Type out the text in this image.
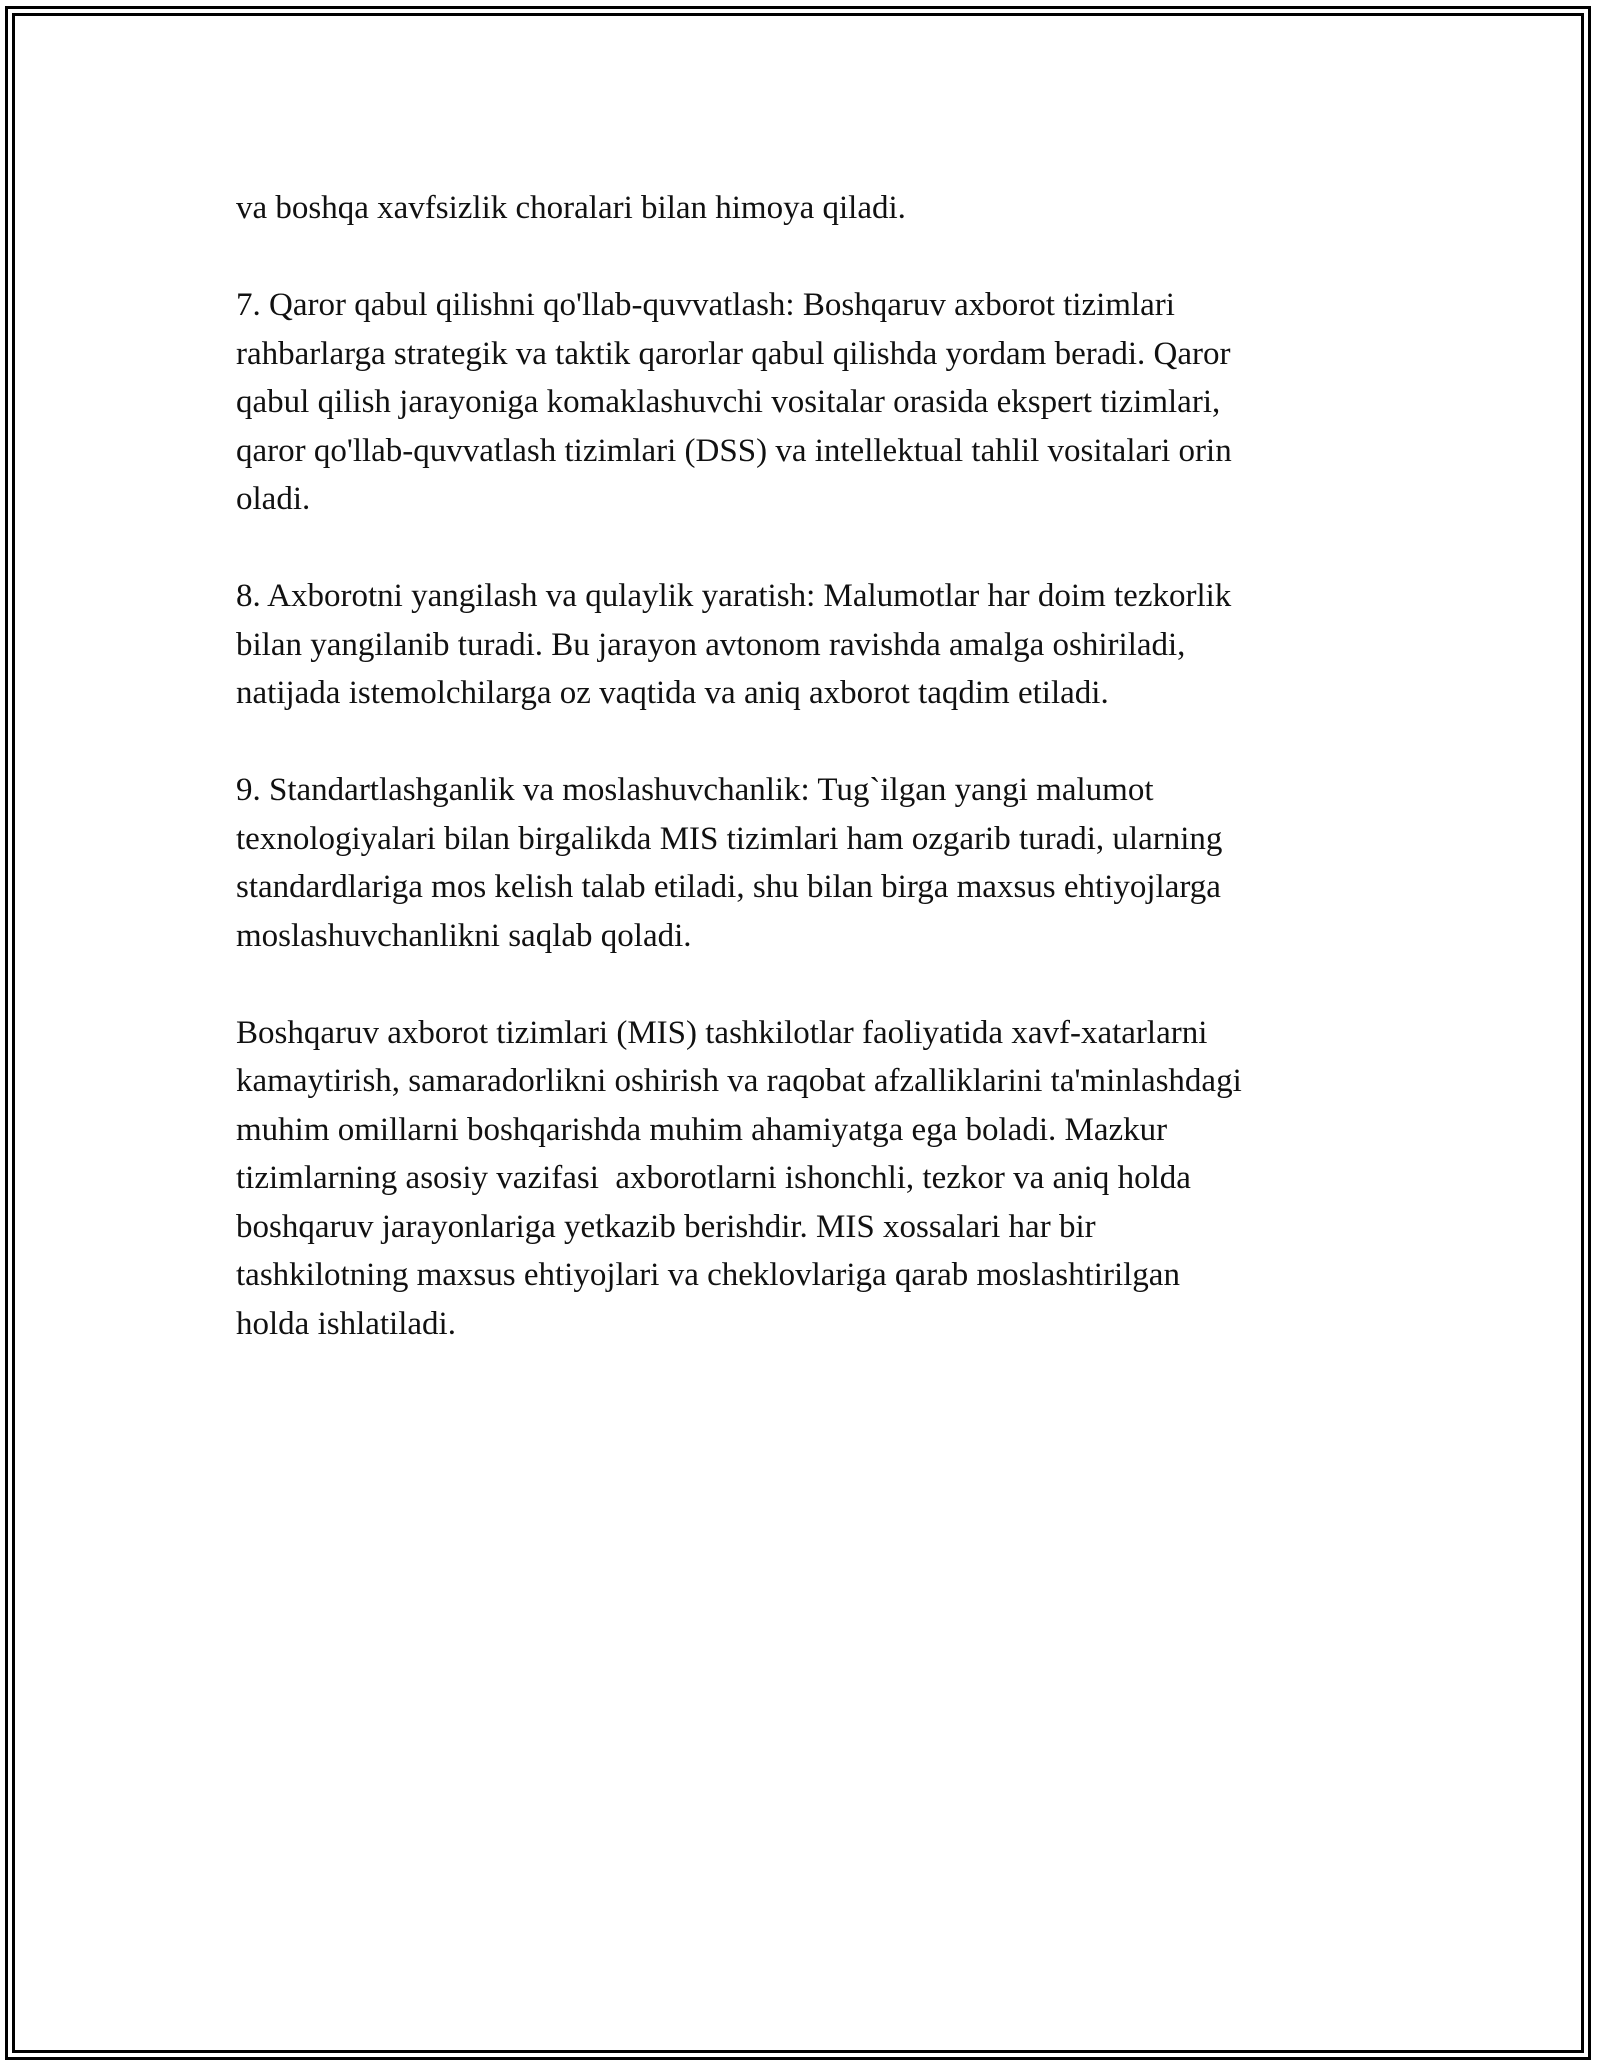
va boshqa xavfsizlik choralari bilan himoya qiladi.

7. Qaror qabul qilishni qo'llab-quvvatlash: Boshqaruv axborot tizimlari
rahbarlarga strategik va taktik qarorlar qabul qilishda yordam beradi. Qaror
qabul qilish jarayoniga komaklashuvchi vositalar orasida ekspert tizimlari,
qaror qo'llab-quvvatlash tizimlari (DSS) va intellektual tahlil vositalari orin
oladi.

8. Axborotni yangilash va qulaylik yaratish: Malumotlar har doim tezkorlik
bilan yangilanib turadi. Bu jarayon avtonom ravishda amalga oshiriladi,
natijada istemolchilarga oz vaqtida va aniq axborot taqdim etiladi.

9. Standartlashganlik va moslashuvchanlik: Tug`ilgan yangi malumot
texnologiyalari bilan birgalikda MIS tizimlari ham ozgarib turadi, ularning
standardlariga mos kelish talab etiladi, shu bilan birga maxsus ehtiyojlarga
moslashuvchanlikni saqlab qoladi.

Boshqaruv axborot tizimlari (MIS) tashkilotlar faoliyatida xavf-xatarlarni
kamaytirish, samaradorlikni oshirish va raqobat afzalliklarini ta'minlashdagi
muhim omillarni boshqarishda muhim ahamiyatga ega boladi. Mazkur
tizimlarning asosiy vazifasi  axborotlarni ishonchli, tezkor va aniq holda
boshqaruv jarayonlariga yetkazib berishdir. MIS xossalari har bir
tashkilotning maxsus ehtiyojlari va cheklovlariga qarab moslashtirilgan
holda ishlatiladi.
